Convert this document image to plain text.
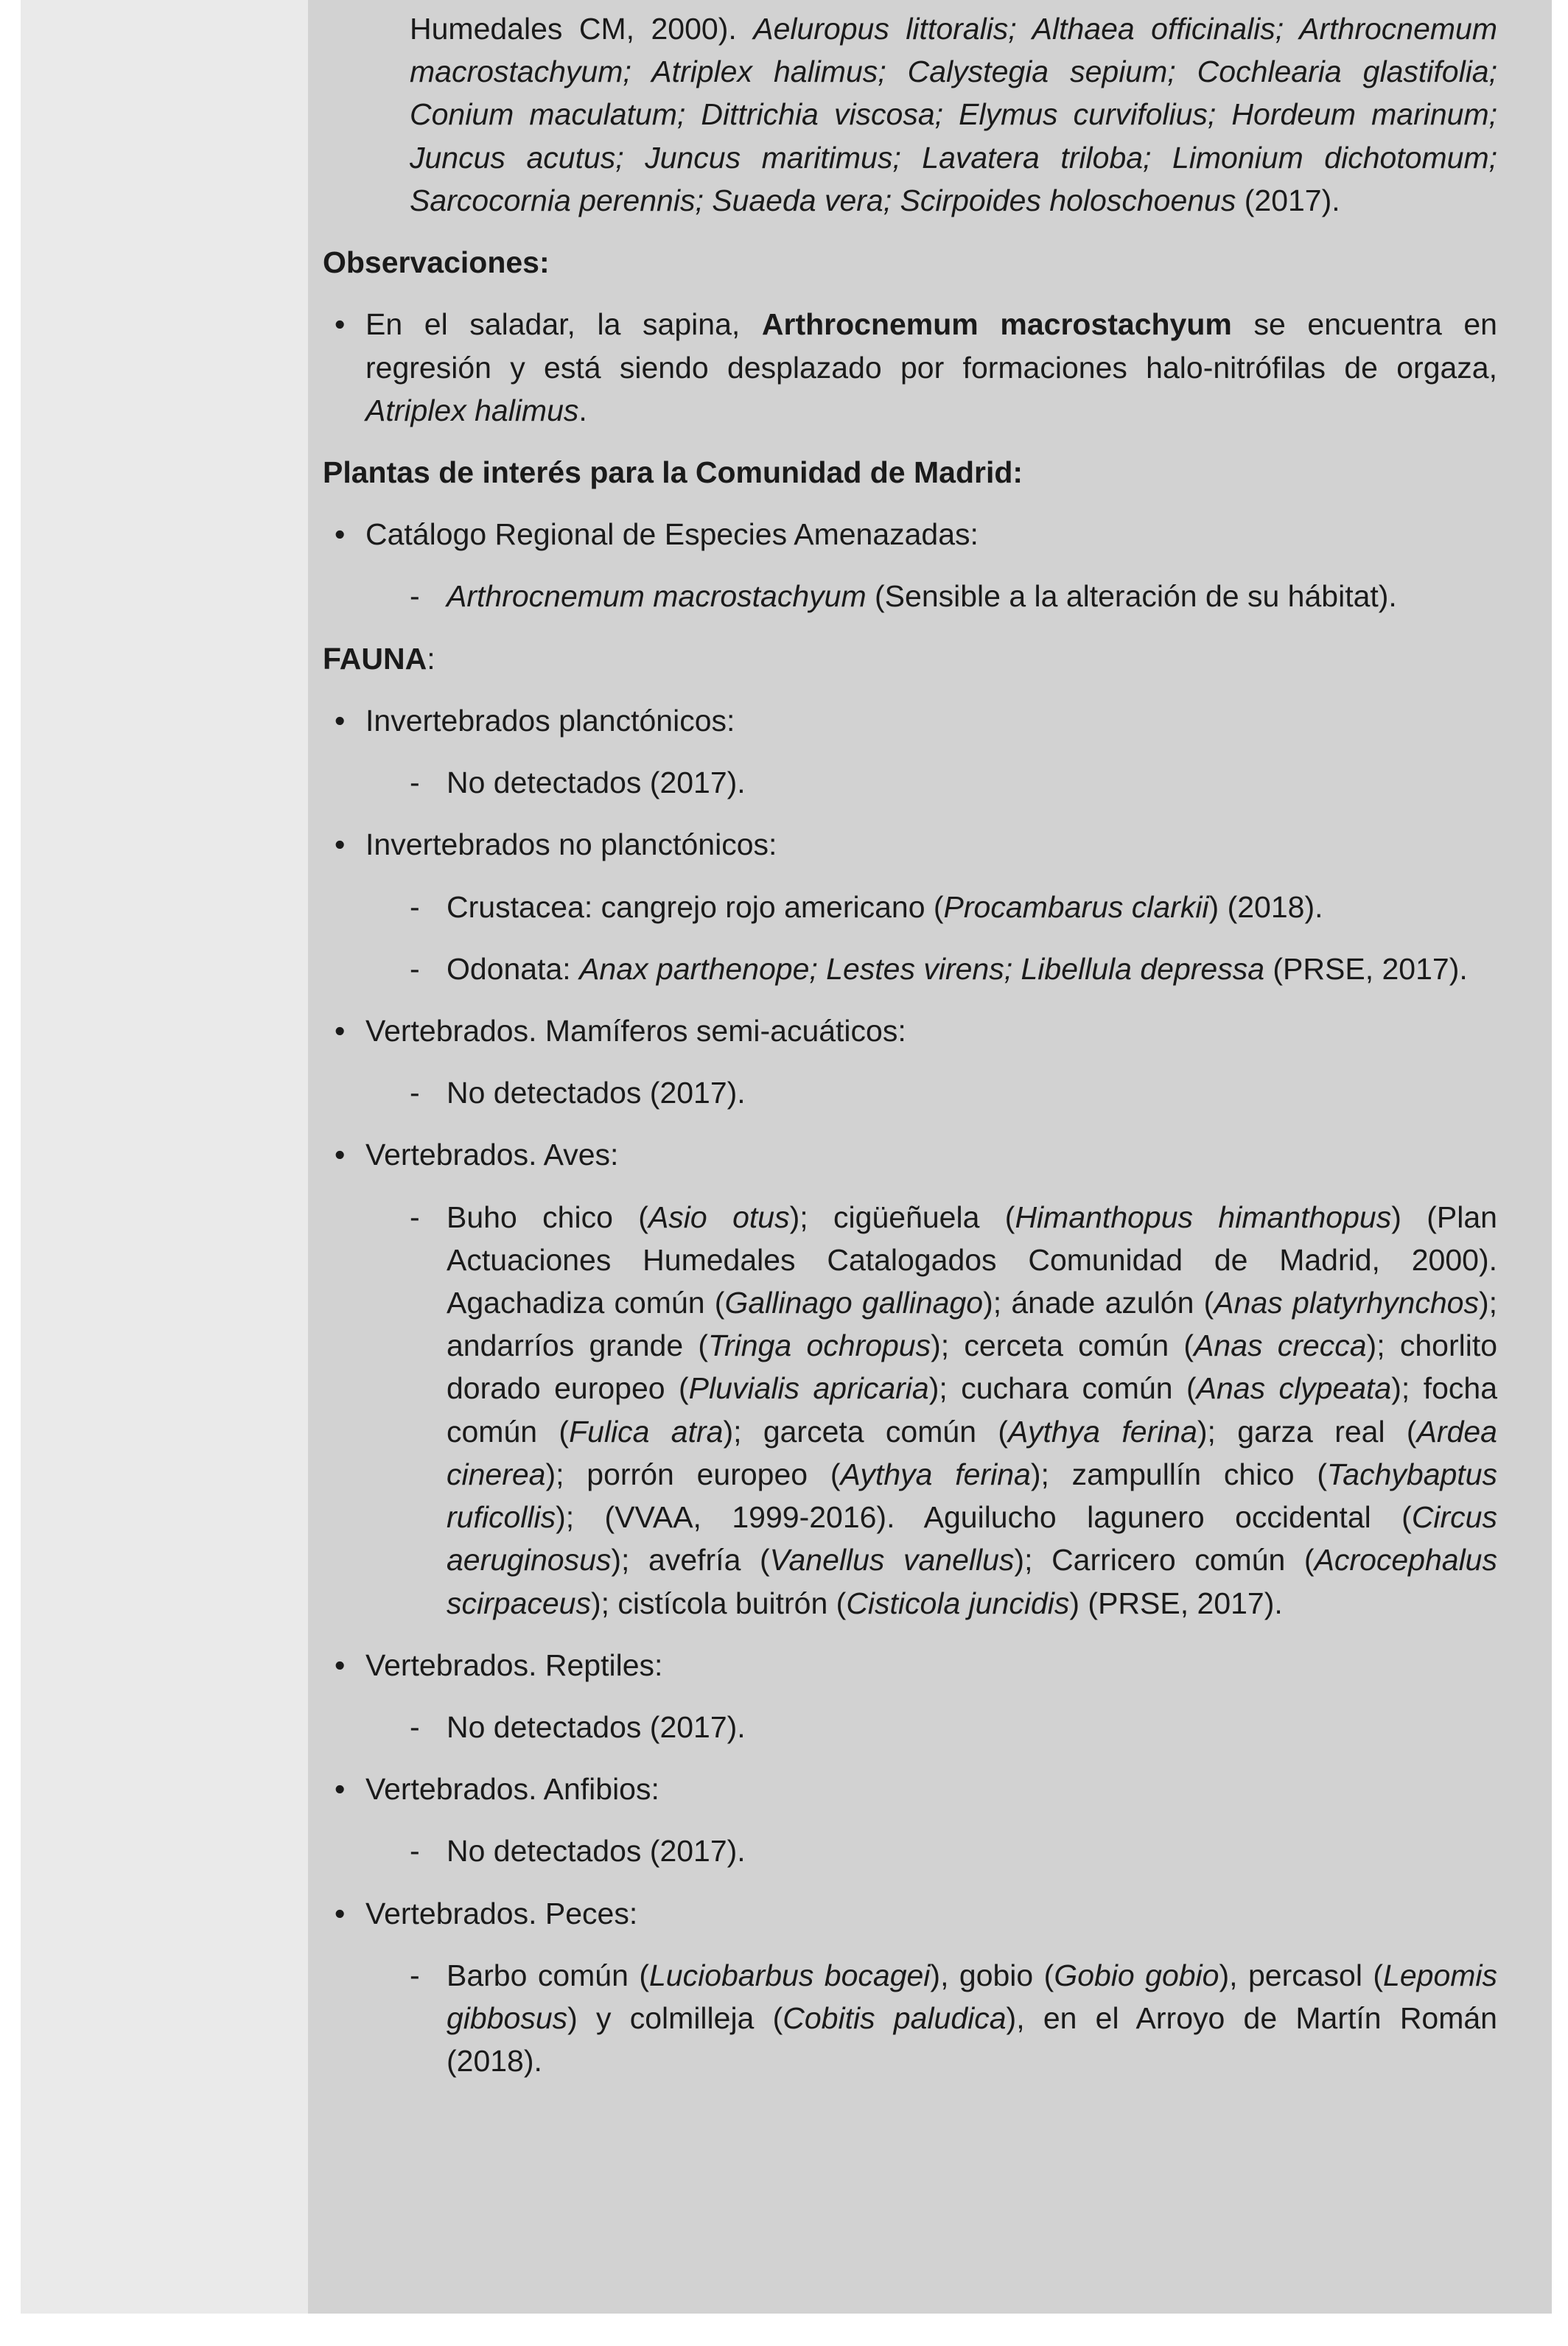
Humedales CM, 2000). Aeluropus littoralis; Althaea officinalis; Arthrocnemum macrostachyum; Atriplex halimus; Calystegia sepium; Cochlearia glastifolia; Conium maculatum; Dittrichia viscosa; Elymus curvifolius; Hordeum marinum; Juncus acutus; Juncus maritimus; Lavatera triloba; Limonium dichotomum; Sarcocornia perennis; Suaeda vera; Scirpoides holoschoenus (2017).
Observaciones:
• En el saladar, la sapina, Arthrocnemum macrostachyum se encuentra en regresión y está siendo desplazado por formaciones halo-nitrófilas de orgaza, Atriplex halimus.
Plantas de interés para la Comunidad de Madrid:
• Catálogo Regional de Especies Amenazadas:
- Arthrocnemum macrostachyum (Sensible a la alteración de su hábitat).
FAUNA:
• Invertebrados planctónicos:
- No detectados (2017).
• Invertebrados no planctónicos:
- Crustacea: cangrejo rojo americano (Procambarus clarkii) (2018).
- Odonata: Anax parthenope; Lestes virens; Libellula depressa (PRSE, 2017).
• Vertebrados. Mamíferos semi-acuáticos:
- No detectados (2017).
• Vertebrados. Aves:
- Buho chico (Asio otus); cigüeñuela (Himanthopus himanthopus) (Plan Actuaciones Humedales Catalogados Comunidad de Madrid, 2000). Agachadiza común (Gallinago gallinago); ánade azulón (Anas platyrhynchos); andarríos grande (Tringa ochropus); cerceta común (Anas crecca); chorlito dorado europeo (Pluvialis apricaria); cuchara común (Anas clypeata); focha común (Fulica atra); garceta común (Aythya ferina); garza real (Ardea cinerea); porrón europeo (Aythya ferina); zampullín chico (Tachybaptus ruficollis); (VVAA, 1999-2016). Aguilucho lagunero occidental (Circus aeruginosus); avefría (Vanellus vanellus); Carricero común (Acrocephalus scirpaceus); cistícola buitrón (Cisticola juncidis) (PRSE, 2017).
• Vertebrados. Reptiles:
- No detectados (2017).
• Vertebrados. Anfibios:
- No detectados (2017).
• Vertebrados. Peces:
- Barbo común (Luciobarbus bocagei), gobio (Gobio gobio), percasol (Lepomis gibbosus) y colmilleja (Cobitis paludica), en el Arroyo de Martín Román (2018).
